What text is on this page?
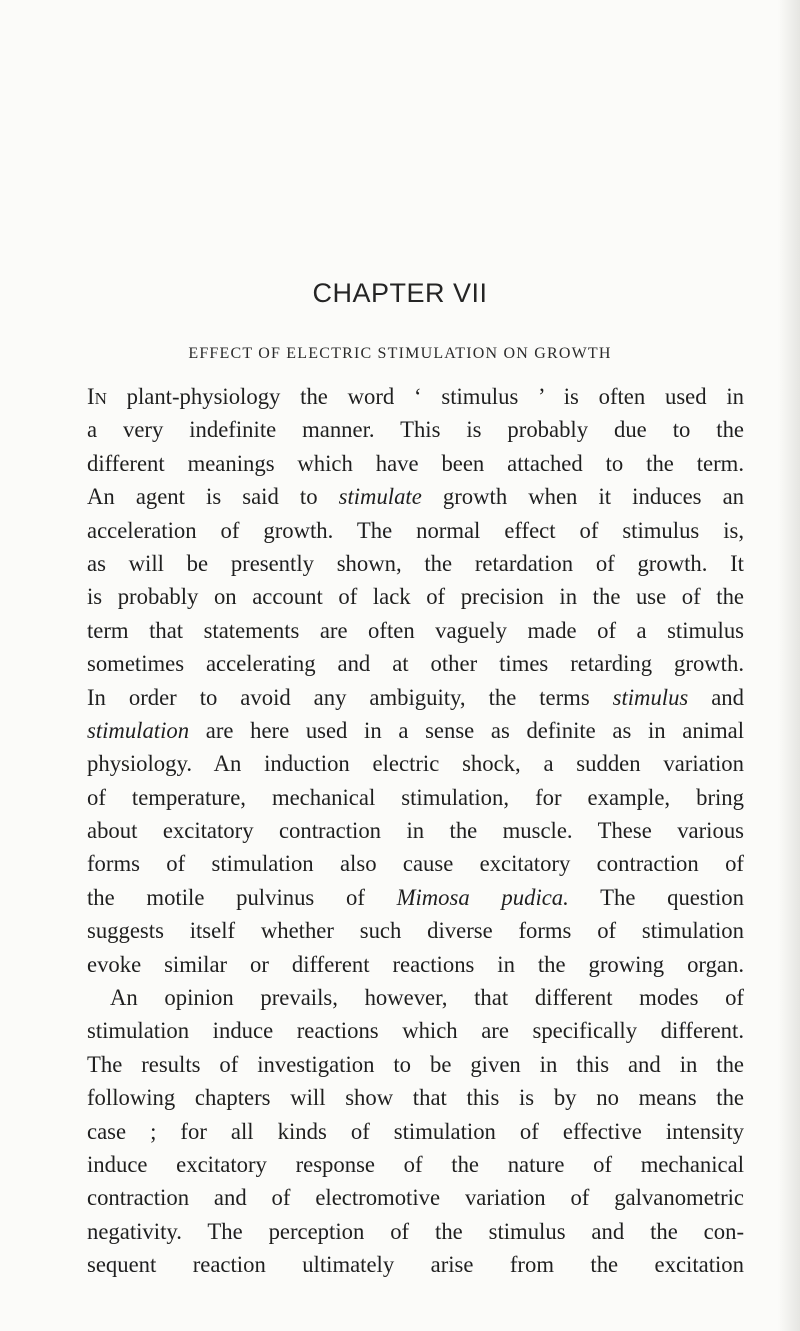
CHAPTER VII
EFFECT OF ELECTRIC STIMULATION ON GROWTH
IN plant-physiology the word ‘ stimulus ’ is often used in
a very indefinite manner. This is probably due to the
different meanings which have been attached to the term.
An agent is said to stimulate growth when it induces an
acceleration of growth. The normal effect of stimulus is,
as will be presently shown, the retardation of growth. It
is probably on account of lack of precision in the use of the
term that statements are often vaguely made of a stimulus
sometimes accelerating and at other times retarding growth.
In order to avoid any ambiguity, the terms stimulus and
stimulation are here used in a sense as definite as in animal
physiology. An induction electric shock, a sudden variation
of temperature, mechanical stimulation, for example, bring
about excitatory contraction in the muscle. These various
forms of stimulation also cause excitatory contraction of
the motile pulvinus of Mimosa pudica. The question
suggests itself whether such diverse forms of stimulation
evoke similar or different reactions in the growing organ.
An opinion prevails, however, that different modes of
stimulation induce reactions which are specifically different.
The results of investigation to be given in this and in the
following chapters will show that this is by no means the
case ; for all kinds of stimulation of effective intensity
induce excitatory response of the nature of mechanical
contraction and of electromotive variation of galvanometric
negativity. The perception of the stimulus and the con-
sequent reaction ultimately arise from the excitation
